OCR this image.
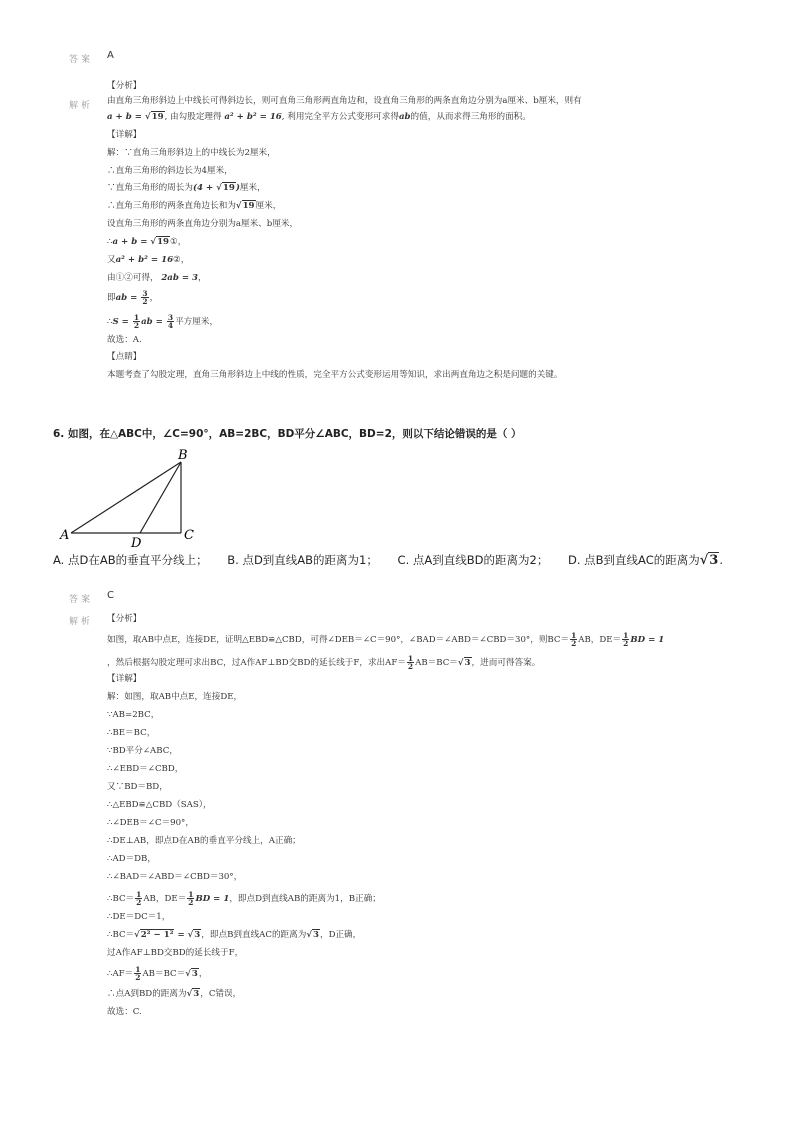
答案 A
解析
【分析】
由直角三角形斜边上中线长可得斜边长，则可直角三角形两直角边和，设直角三角形的两条直角边分别为a厘米、b厘米，则有
a + b = √19, 由勾股定理得 a² + b² = 16, 利用完全平方公式变形可求得ab的值，从而求得三角形的面积。
【详解】
解：∵直角三角形斜边上的中线长为2厘米，
∴直角三角形的斜边长为4厘米，
∵直角三角形的周长为(4 + √19)厘米，
∴直角三角形的两条直角边长和为√19厘米，
设直角三角形的两条直角边分别为a厘米、b厘米，
∴a + b = √19①，
又a² + b² = 16②，
由①②可得， 2ab = 3，
即ab = $\frac{3}{2}$ ，
∴S = $\frac{1}{2}$ ab = $\frac{3}{4}$ 平方厘米，
故选：A.
【点睛】
本题考查了勾股定理，直角三角形斜边上中线的性质，完全平方公式变形运用等知识，求出两直角边之积是问题的关键。
6. 如图，在△ABC中，∠C=90°，AB=2BC，BD平分∠ABC，BD=2，则以下结论错误的是（ ）
B
A
D
C
A. 点D在AB的垂直平分线上； B. 点D到直线AB的距离为1； C. 点A到直线BD的距离为2； D. 点B到直线AC的距离为√3.
答案 C
解析 【分析】
如图，取AB中点E，连接DE，证明△EBD≌△CBD，可得∠DEB＝∠C＝90°，∠BAD＝∠ABD＝∠CBD＝30°，则$BC= \frac{1}{2}$ AB，$DE= \frac{1}{2}$ BD = 1
，然后根据勾股定理可求出BC，过A作AF⊥BD交BD的延长线于F，求出$AF= \frac{1}{2} AB=BC=√3$，进而可得答案。
【详解】
解：如图，取AB中点E，连接DE，
∵AB=2BC，
∴BE＝BC，
∵BD平分∠ABC，
∴∠EBD＝∠CBD，
又∵BD＝BD，
∴△EBD≌△CBD（SAS），
∴∠DEB＝∠C＝90°，
∴DE⊥AB，即点D在AB的垂直平分线上，A正确；
∴AD＝DB，
∴∠BAD＝∠ABD＝∠CBD＝30°，
∴BC＝ $\frac{1}{2}$ AB，$DE= \frac{1}{2}$ BD = 1，即点D到直线AB的距离为1，B正确；
∴DE＝DC＝1，
∴BC＝√2² − 1² = √3，即点B到直线AC的距离为√3，D正确，
过A作AF⊥BD交BD的延长线于F，
∴AF＝ $\frac{1}{2} AB=BC=√3$，
∴点A到BD的距离为√3，C错误，
故选：C.
